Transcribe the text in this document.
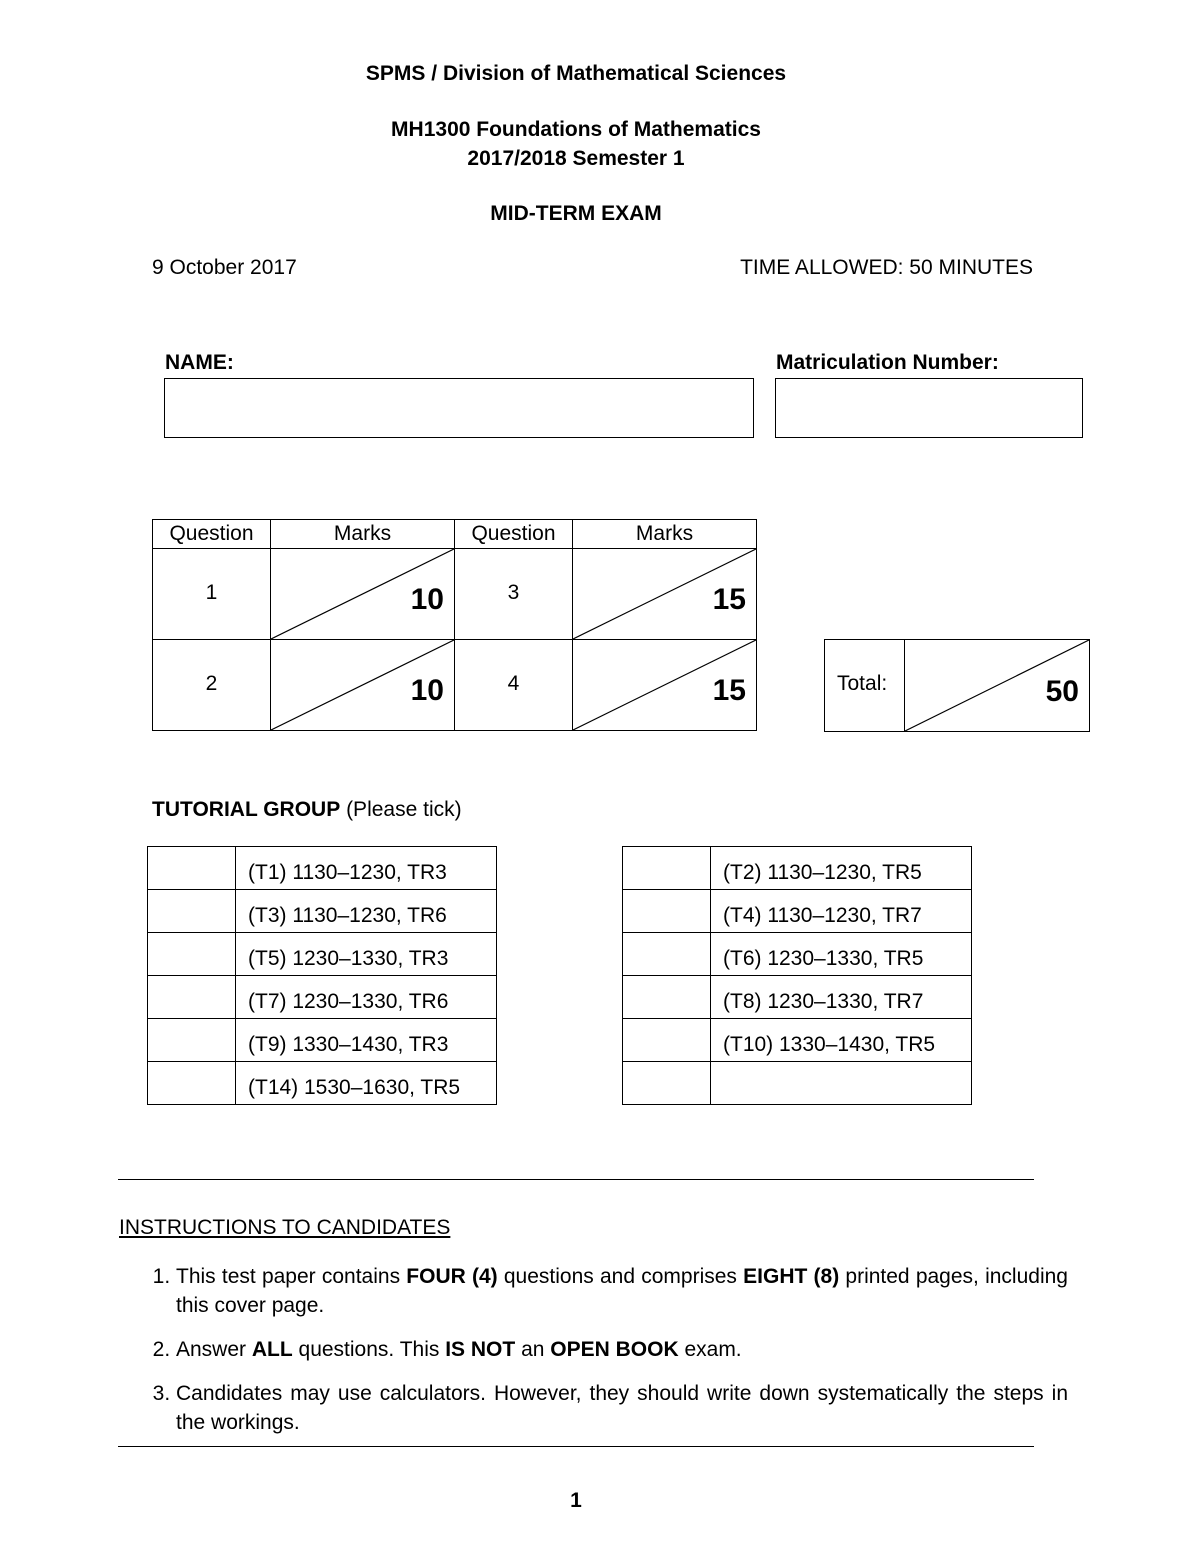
SPMS / Division of Mathematical Sciences
MH1300 Foundations of Mathematics
2017/2018 Semester 1
MID-TERM EXAM
9 October 2017	TIME ALLOWED: 50 MINUTES
NAME:	Matriculation Number:
Question	Marks	Question	Marks

1	10	3	15

2	10	4	15	Total:	50
TUTORIAL GROUP (Please tick)
	(T1) 1130–1230, TR3
	(T3) 1130–1230, TR6
	(T5) 1230–1330, TR3
	(T7) 1230–1330, TR6
	(T9) 1330–1430, TR3
	(T14) 1530–1630, TR5
	(T2) 1130–1230, TR5
	(T4) 1130–1230, TR7
	(T6) 1230–1330, TR5
	(T8) 1230–1330, TR7
	(T10) 1330–1430, TR5

INSTRUCTIONS TO CANDIDATES
1. This test paper contains FOUR (4) questions and comprises EIGHT (8) printed pages, including this cover page.
2. Answer ALL questions. This IS NOT an OPEN BOOK exam.
3. Candidates may use calculators. However, they should write down systematically the steps in the workings.
1
